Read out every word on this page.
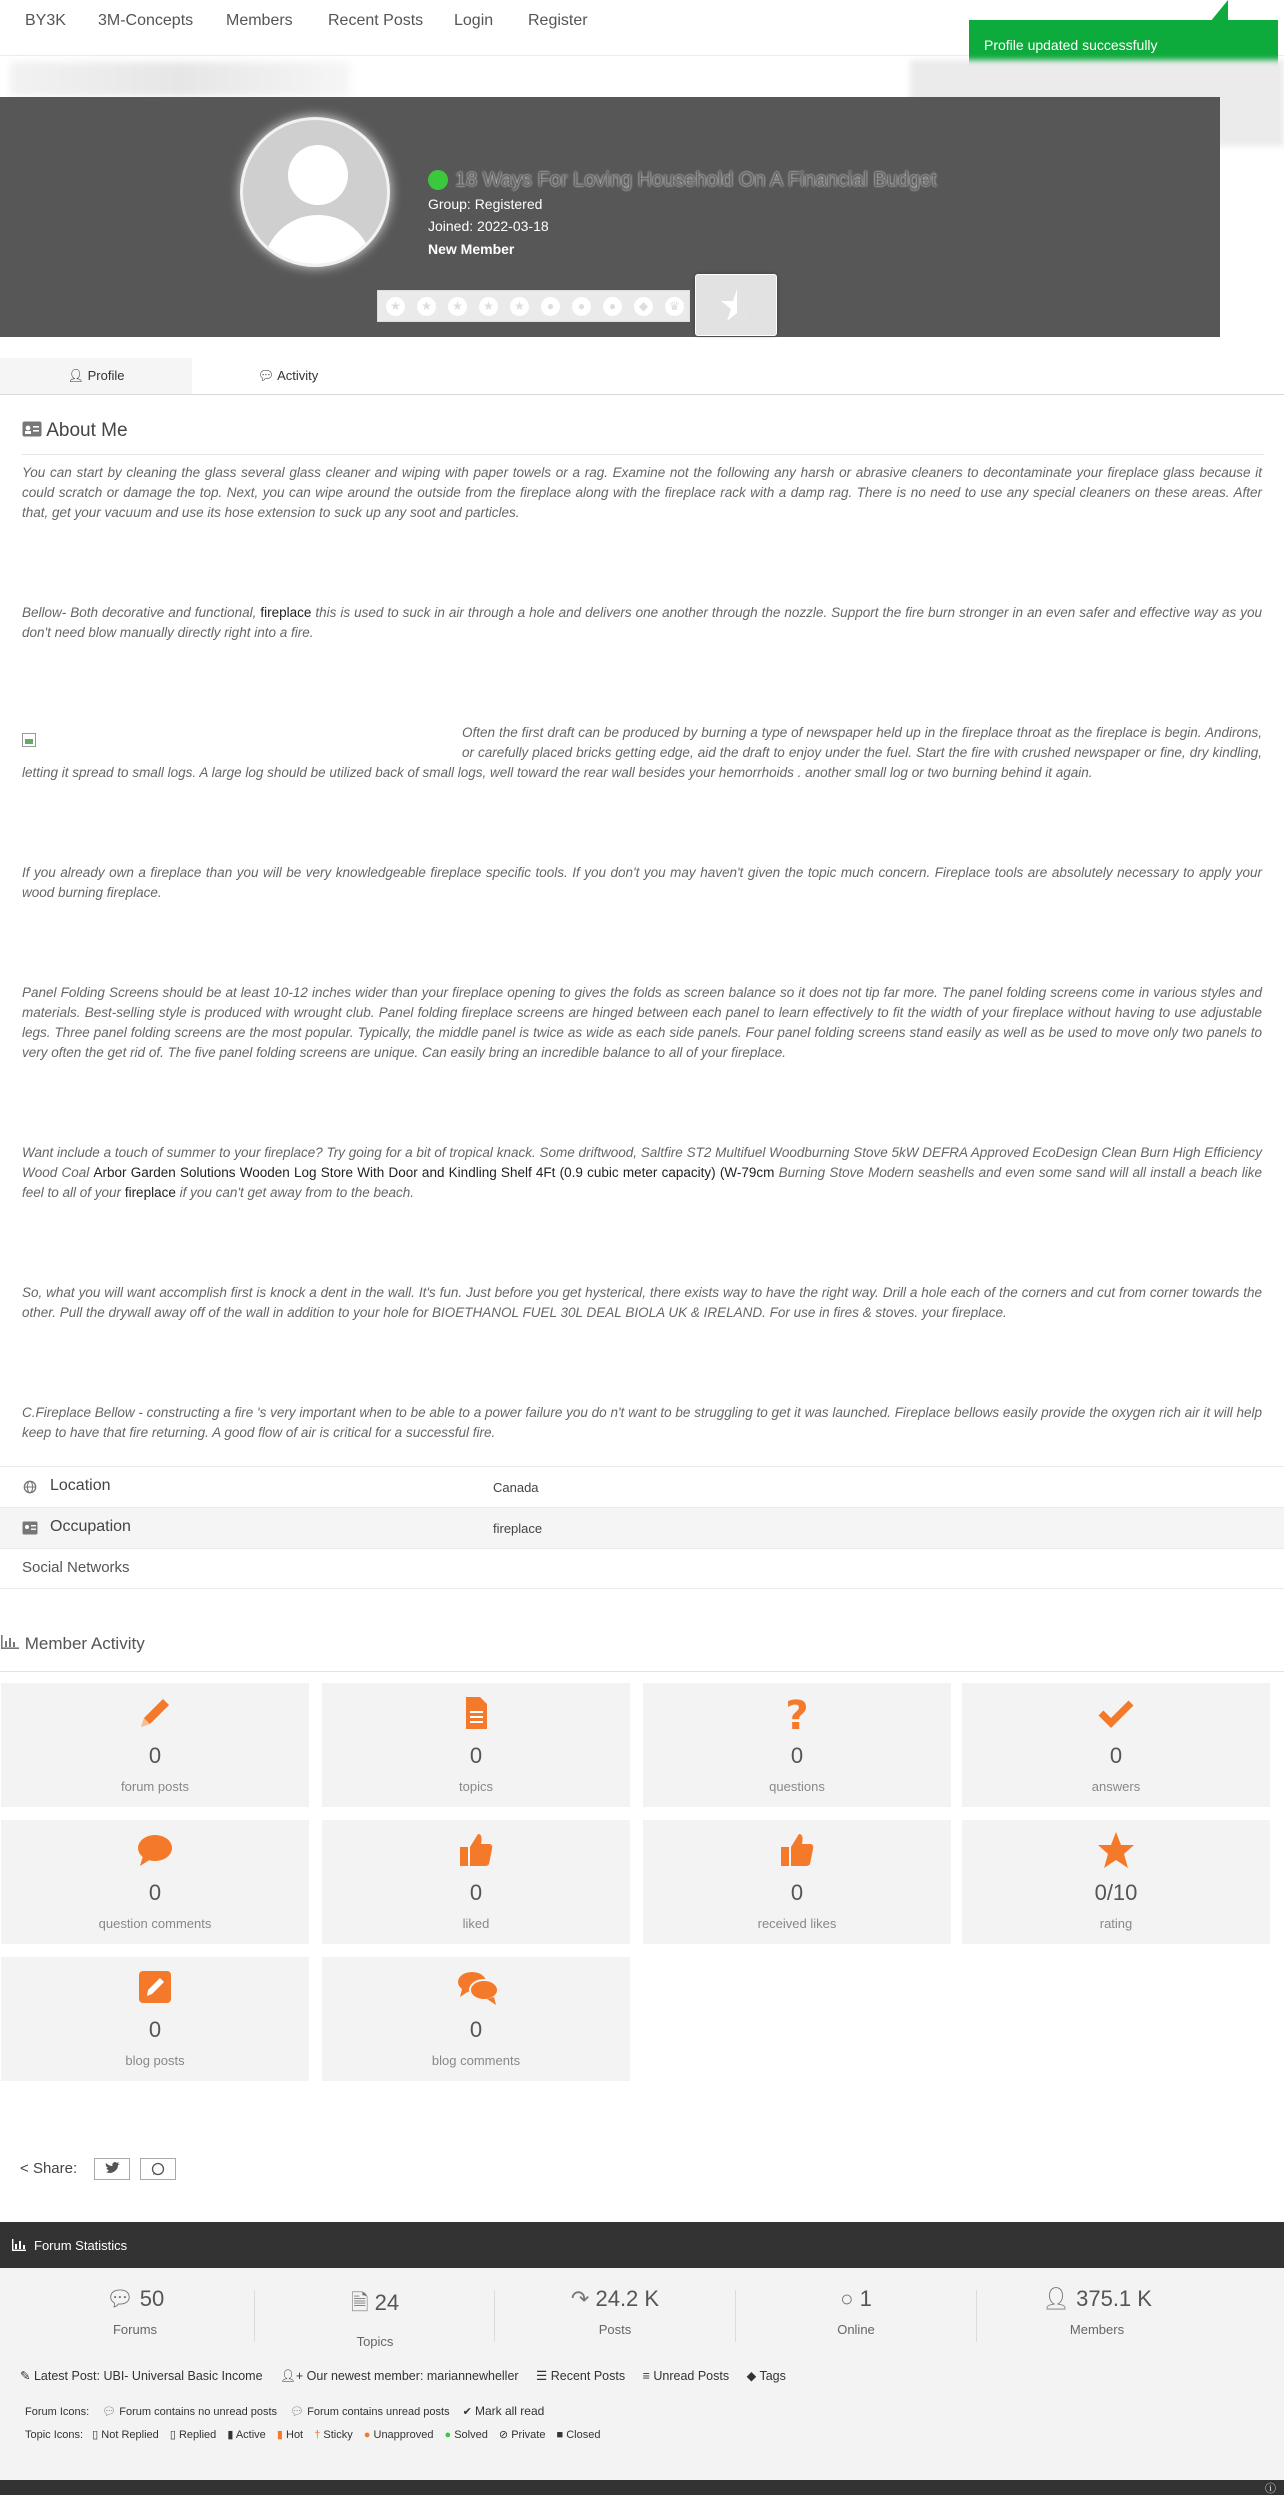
BY3K 3M-Concepts Members Recent Posts Login Register
Profile updated successfully
18 Ways For Loving Household On A Financial Budget
Group: Registered
Joined: 2022-03-18
New Member
★	★	★	★	★	●	●	●	◆	♛
👤︎ Profile	💬︎ Activity
About Me
You can start by cleaning the glass several glass cleaner and wiping with paper towels or a rag. Examine not the following any harsh or abrasive cleaners to decontaminate your fireplace glass because it could scratch or damage the top. Next, you can wipe around the outside from the fireplace along with the fireplace rack with a damp rag. There is no need to use any special cleaners on these areas. After that, get your vacuum and use its hose extension to suck up any soot and particles.
Bellow- Both decorative and functional, fireplace this is used to suck in air through a hole and delivers one another through the nozzle. Support the fire burn stronger in an even safer and effective way as you don't need blow manually directly right into a fire.
Often the first draft can be produced by burning a type of newspaper held up in the fireplace throat as the fireplace is begin. Andirons, or carefully placed bricks getting edge, aid the draft to enjoy under the fuel. Start the fire with crushed newspaper or fine, dry kindling, letting it spread to small logs. A large log should be utilized back of small logs, well toward the rear wall besides your hemorrhoids . another small log or two burning behind it again.
If you already own a fireplace than you will be very knowledgeable fireplace specific tools. If you don't you may haven't given the topic much concern. Fireplace tools are absolutely necessary to apply your wood burning fireplace.
Panel Folding Screens should be at least 10-12 inches wider than your fireplace opening to gives the folds as screen balance so it does not tip far more. The panel folding screens come in various styles and materials. Best-selling style is produced with wrought club. Panel folding fireplace screens are hinged between each panel to learn effectively to fit the width of your fireplace without having to use adjustable legs. Three panel folding screens are the most popular. Typically, the middle panel is twice as wide as each side panels. Four panel folding screens stand easily as well as be used to move only two panels to very often the get rid of. The five panel folding screens are unique. Can easily bring an incredible balance to all of your fireplace.
Want include a touch of summer to your fireplace? Try going for a bit of tropical knack. Some driftwood, Saltfire ST2 Multifuel Woodburning Stove 5kW DEFRA Approved EcoDesign Clean Burn High Efficiency Wood Coal Arbor Garden Solutions Wooden Log Store With Door and Kindling Shelf 4Ft (0.9 cubic meter capacity) (W-79cm Burning Stove Modern seashells and even some sand will all install a beach like feel to all of your fireplace if you can't get away from to the beach.
So, what you will want accomplish first is knock a dent in the wall. It's fun. Just before you get hysterical, there exists way to have the right way. Drill a hole each of the corners and cut from corner towards the other. Pull the drywall away off of the wall in addition to your hole for BIOETHANOL FUEL 30L DEAL BIOLA UK & IRELAND. For use in fires & stoves. your fireplace.
C.Fireplace Bellow - constructing a fire 's very important when to be able to a power failure you do n't want to be struggling to get it was launched. Fireplace bellows easily provide the oxygen rich air it will help keep to have that fire returning. A good flow of air is critical for a successful fire.
Location	Canada
Occupation	fireplace
Social Networks
Member Activity
0
forum posts
0
topics
?
0
questions
0
answers
0
question comments
0
liked
0
received likes
0/10
rating
0
blog posts
0
blog comments
< Share:
Forum Statistics
💬︎ 50
Forums
🗎︎ 24
Topics
↷ 24.2 K
Posts
○ 1
Online
👤︎ 375.1 K
Members
✎ Latest Post: UBI- Universal Basic Income 👤︎+ Our newest member: mariannewheller ☰ Recent Posts ≡ Unread Posts ◆ Tags
Forum Icons: 💬︎ Forum contains no unread posts 💬︎ Forum contains unread posts ✔ Mark all read
Topic Icons: ▯ Not Replied ▯ Replied ▮ Active ▮ Hot † Sticky ● Unapproved ● Solved ⊘ Private ■ Closed
ⓘ
